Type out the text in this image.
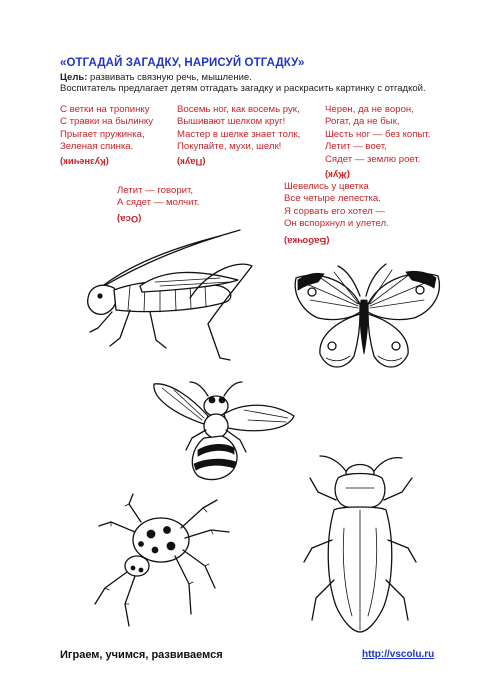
«ОТГАДАЙ ЗАГАДКУ, НАРИСУЙ ОТГАДКУ»
Цель: развивать связную речь, мышление.
Воспитатель предлагает детям отгадать загадку и раскрасить картинку с отгадкой.
С ветки на тропинку
С травки на былинку
Прыгает пружинка,
Зеленая спинка.
(Кузнечик)
Восемь ног, как восемь рук,
Вышивают шелком круг!
Мастер в шелке знает толк,
Покупайте, мухи, шелк!
(Паук)
Черен, да не ворон,
Рогат, да не бык,
Шесть ног — без копыт.
Летит — воет,
Сядет — землю роет.
(Жук)
Летит — говорит,
А сядет — молчит.
(Оса)
Шевелись у цветка
Все четыре лепестка.
Я сорвать его хотел —
Он вспорхнул и улетел.
(Бабочка)
Играем, учимся, развиваемся	http://vscolu.ru
